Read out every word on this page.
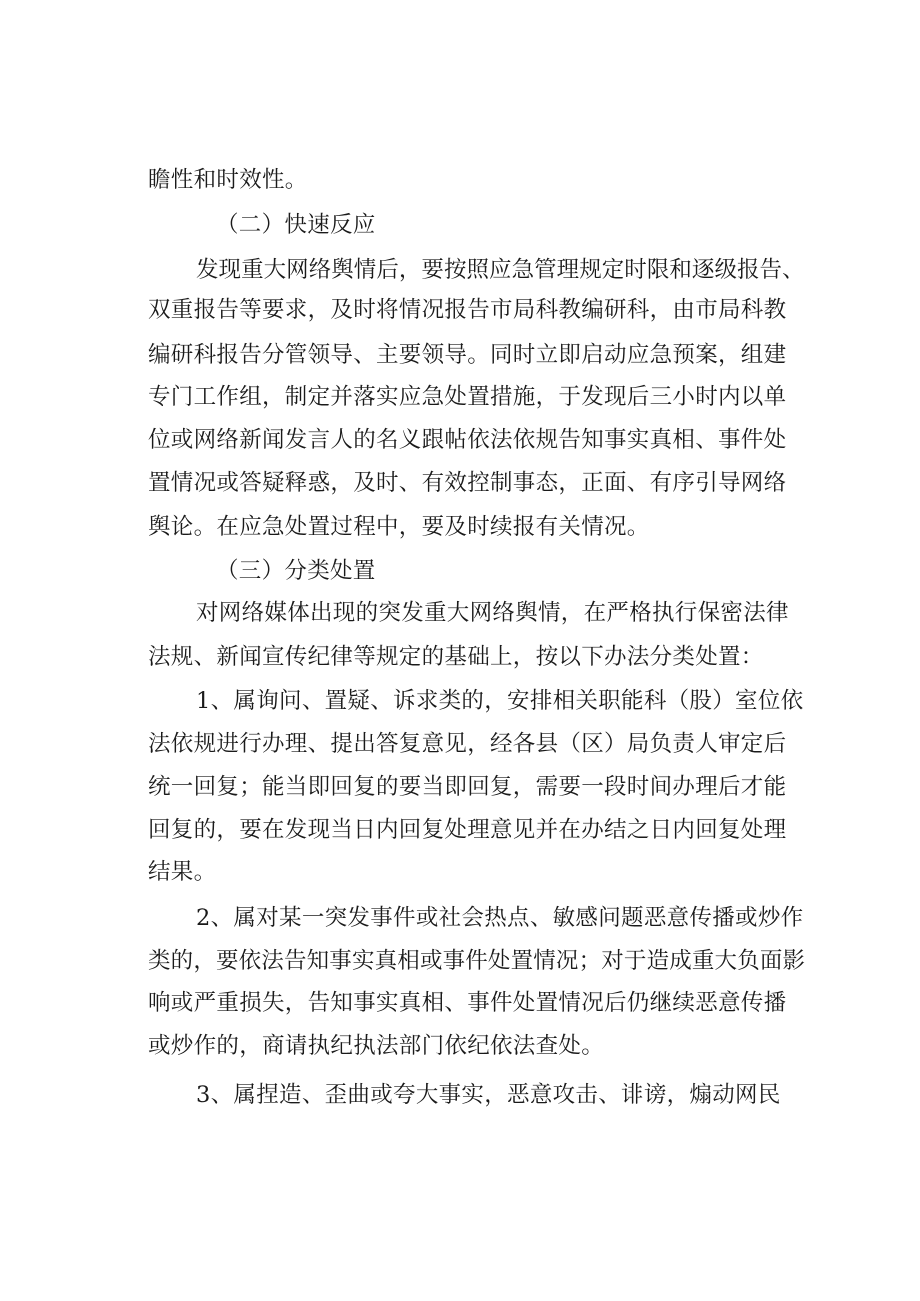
瞻性和时效性。
（二）快速反应
发现重大网络舆情后，要按照应急管理规定时限和逐级报告、
双重报告等要求，及时将情况报告市局科教编研科，由市局科教
编研科报告分管领导、主要领导。同时立即启动应急预案，组建
专门工作组，制定并落实应急处置措施，于发现后三小时内以单
位或网络新闻发言人的名义跟帖依法依规告知事实真相、事件处
置情况或答疑释惑，及时、有效控制事态，正面、有序引导网络
舆论。在应急处置过程中，要及时续报有关情况。
（三）分类处置
对网络媒体出现的突发重大网络舆情，在严格执行保密法律
法规、新闻宣传纪律等规定的基础上，按以下办法分类处置：
1、属询问、置疑、诉求类的，安排相关职能科（股）室位依
法依规进行办理、提出答复意见，经各县（区）局负责人审定后
统一回复；能当即回复的要当即回复，需要一段时间办理后才能
回复的，要在发现当日内回复处理意见并在办结之日内回复处理
结果。
2、属对某一突发事件或社会热点、敏感问题恶意传播或炒作
类的，要依法告知事实真相或事件处置情况；对于造成重大负面影
响或严重损失，告知事实真相、事件处置情况后仍继续恶意传播
或炒作的，商请执纪执法部门依纪依法查处。
3、属捏造、歪曲或夸大事实，恶意攻击、诽谤，煽动网民
